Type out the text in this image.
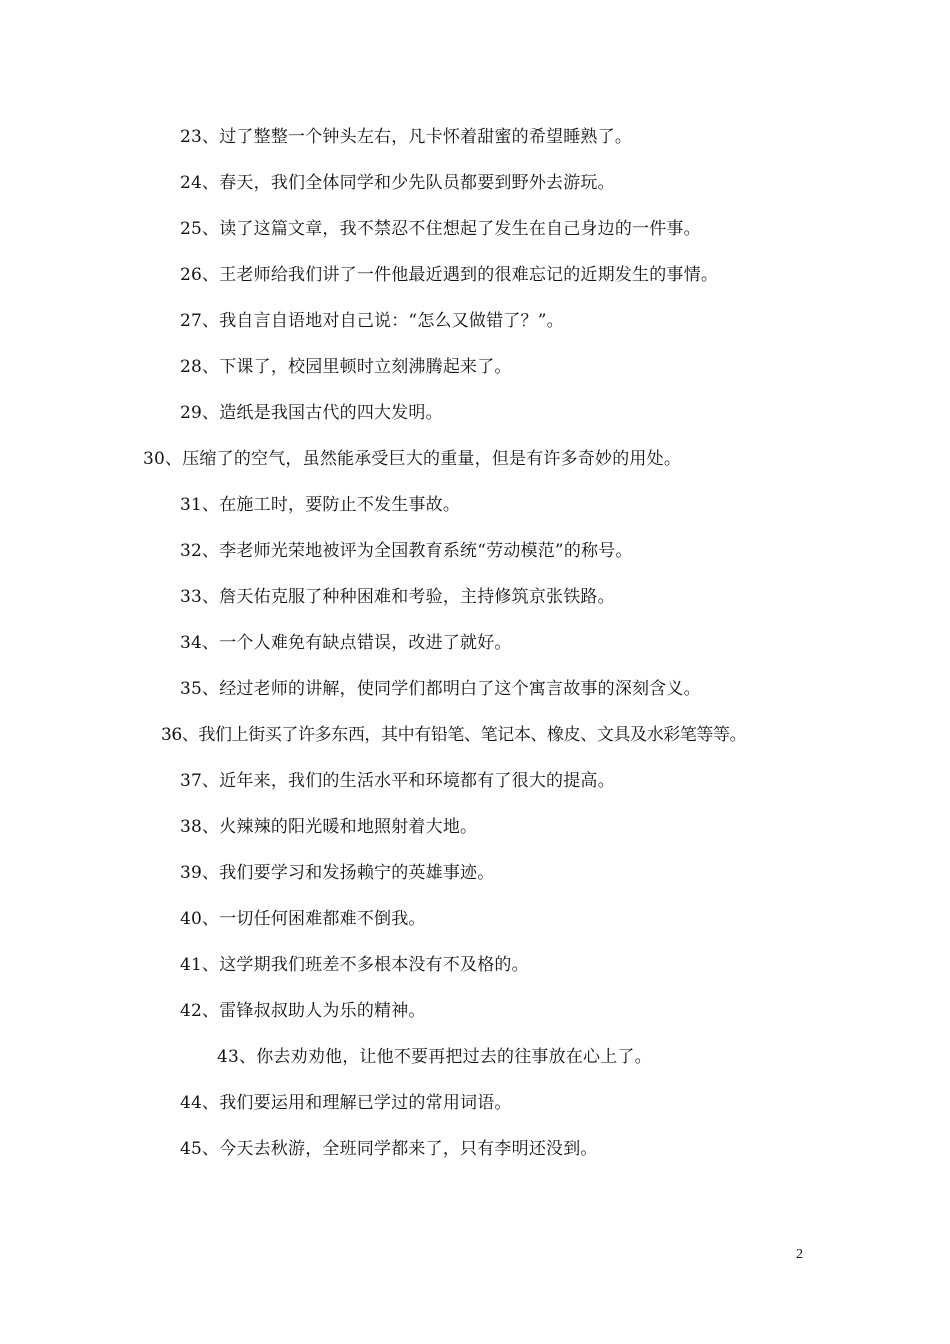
23、过了整整一个钟头左右，凡卡怀着甜蜜的希望睡熟了。
24、春天，我们全体同学和少先队员都要到野外去游玩。
25、读了这篇文章，我不禁忍不住想起了发生在自己身边的一件事。
26、王老师给我们讲了一件他最近遇到的很难忘记的近期发生的事情。
27、我自言自语地对自己说：“怎么又做错了？”。
28、下课了，校园里顿时立刻沸腾起来了。
29、造纸是我国古代的四大发明。
30、压缩了的空气，虽然能承受巨大的重量，但是有许多奇妙的用处。
31、在施工时，要防止不发生事故。
32、李老师光荣地被评为全国教育系统“劳动模范”的称号。
33、詹天佑克服了种种困难和考验，主持修筑京张铁路。
34、一个人难免有缺点错误，改进了就好。
35、经过老师的讲解，使同学们都明白了这个寓言故事的深刻含义。
36、我们上街买了许多东西，其中有铅笔、笔记本、橡皮、文具及水彩笔等等。
37、近年来，我们的生活水平和环境都有了很大的提高。
38、火辣辣的阳光暖和地照射着大地。
39、我们要学习和发扬赖宁的英雄事迹。
40、一切任何困难都难不倒我。
41、这学期我们班差不多根本没有不及格的。
42、雷锋叔叔助人为乐的精神。
43、你去劝劝他，让他不要再把过去的往事放在心上了。
44、我们要运用和理解已学过的常用词语。
45、今天去秋游，全班同学都来了，只有李明还没到。
2
